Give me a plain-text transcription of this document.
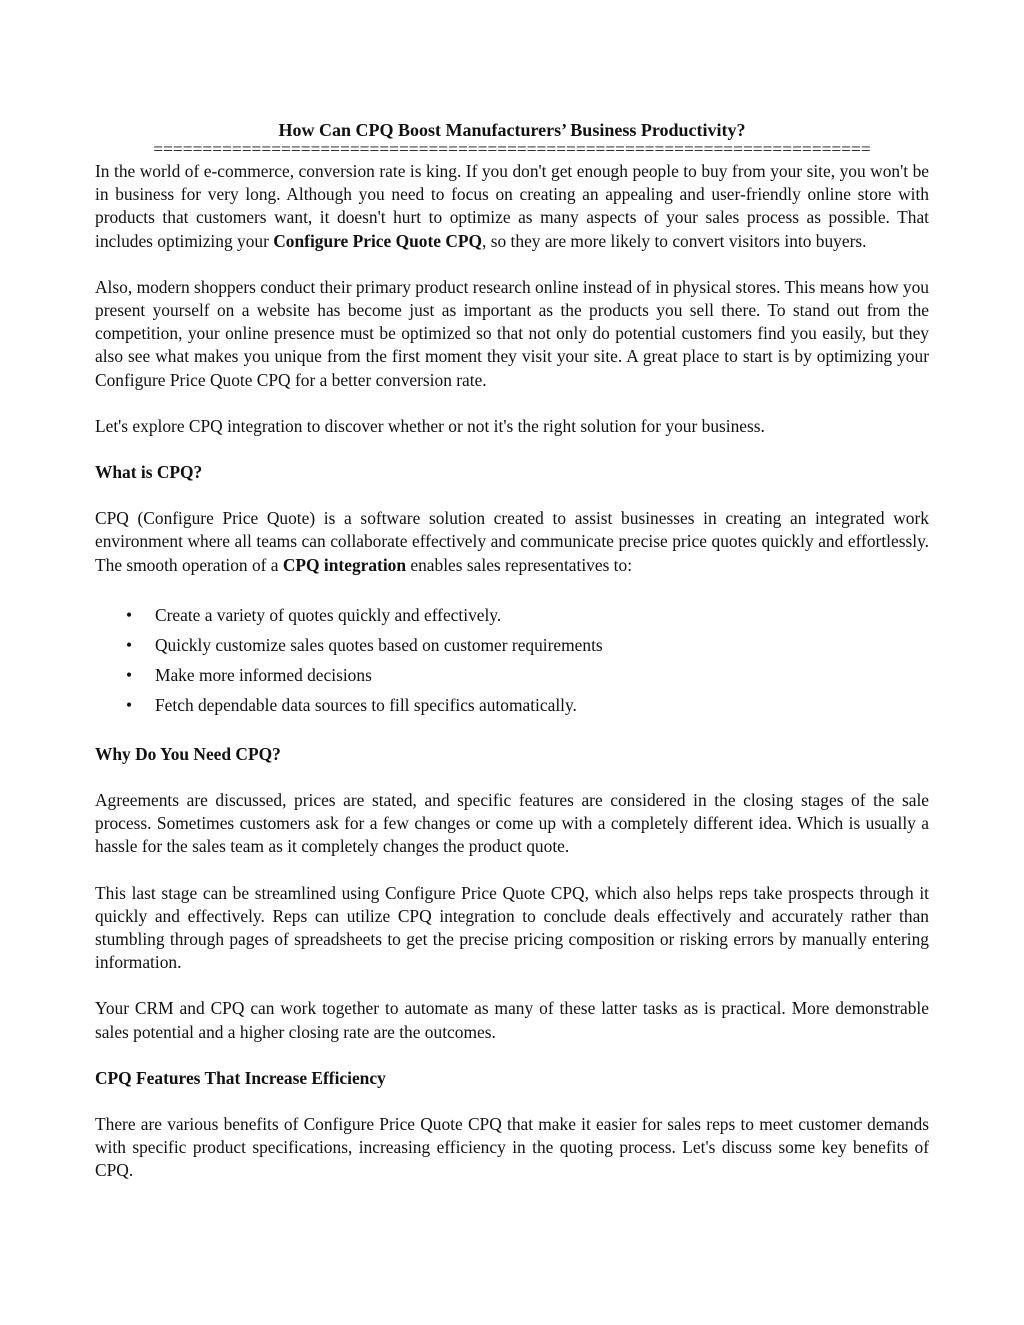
How Can CPQ Boost Manufacturers’ Business Productivity?
=========================================================================

In the world of e-commerce, conversion rate is king. If you don't get enough people to buy from your site, you won't be in business for very long. Although you need to focus on creating an appealing and user-friendly online store with products that customers want, it doesn't hurt to optimize as many aspects of your sales process as possible. That includes optimizing your Configure Price Quote CPQ, so they are more likely to convert visitors into buyers.

Also, modern shoppers conduct their primary product research online instead of in physical stores. This means how you present yourself on a website has become just as important as the products you sell there. To stand out from the competition, your online presence must be optimized so that not only do potential customers find you easily, but they also see what makes you unique from the first moment they visit your site. A great place to start is by optimizing your Configure Price Quote CPQ for a better conversion rate.

Let's explore CPQ integration to discover whether or not it's the right solution for your business.

What is CPQ?

CPQ (Configure Price Quote) is a software solution created to assist businesses in creating an integrated work environment where all teams can collaborate effectively and communicate precise price quotes quickly and effortlessly. The smooth operation of a CPQ integration enables sales representatives to:

• Create a variety of quotes quickly and effectively.
• Quickly customize sales quotes based on customer requirements
• Make more informed decisions
• Fetch dependable data sources to fill specifics automatically.
Why Do You Need CPQ?

Agreements are discussed, prices are stated, and specific features are considered in the closing stages of the sale process. Sometimes customers ask for a few changes or come up with a completely different idea. Which is usually a hassle for the sales team as it completely changes the product quote.

This last stage can be streamlined using Configure Price Quote CPQ, which also helps reps take prospects through it quickly and effectively. Reps can utilize CPQ integration to conclude deals effectively and accurately rather than stumbling through pages of spreadsheets to get the precise pricing composition or risking errors by manually entering information.

Your CRM and CPQ can work together to automate as many of these latter tasks as is practical. More demonstrable sales potential and a higher closing rate are the outcomes.

CPQ Features That Increase Efficiency

There are various benefits of Configure Price Quote CPQ that make it easier for sales reps to meet customer demands with specific product specifications, increasing efficiency in the quoting process. Let's discuss some key benefits of CPQ.
